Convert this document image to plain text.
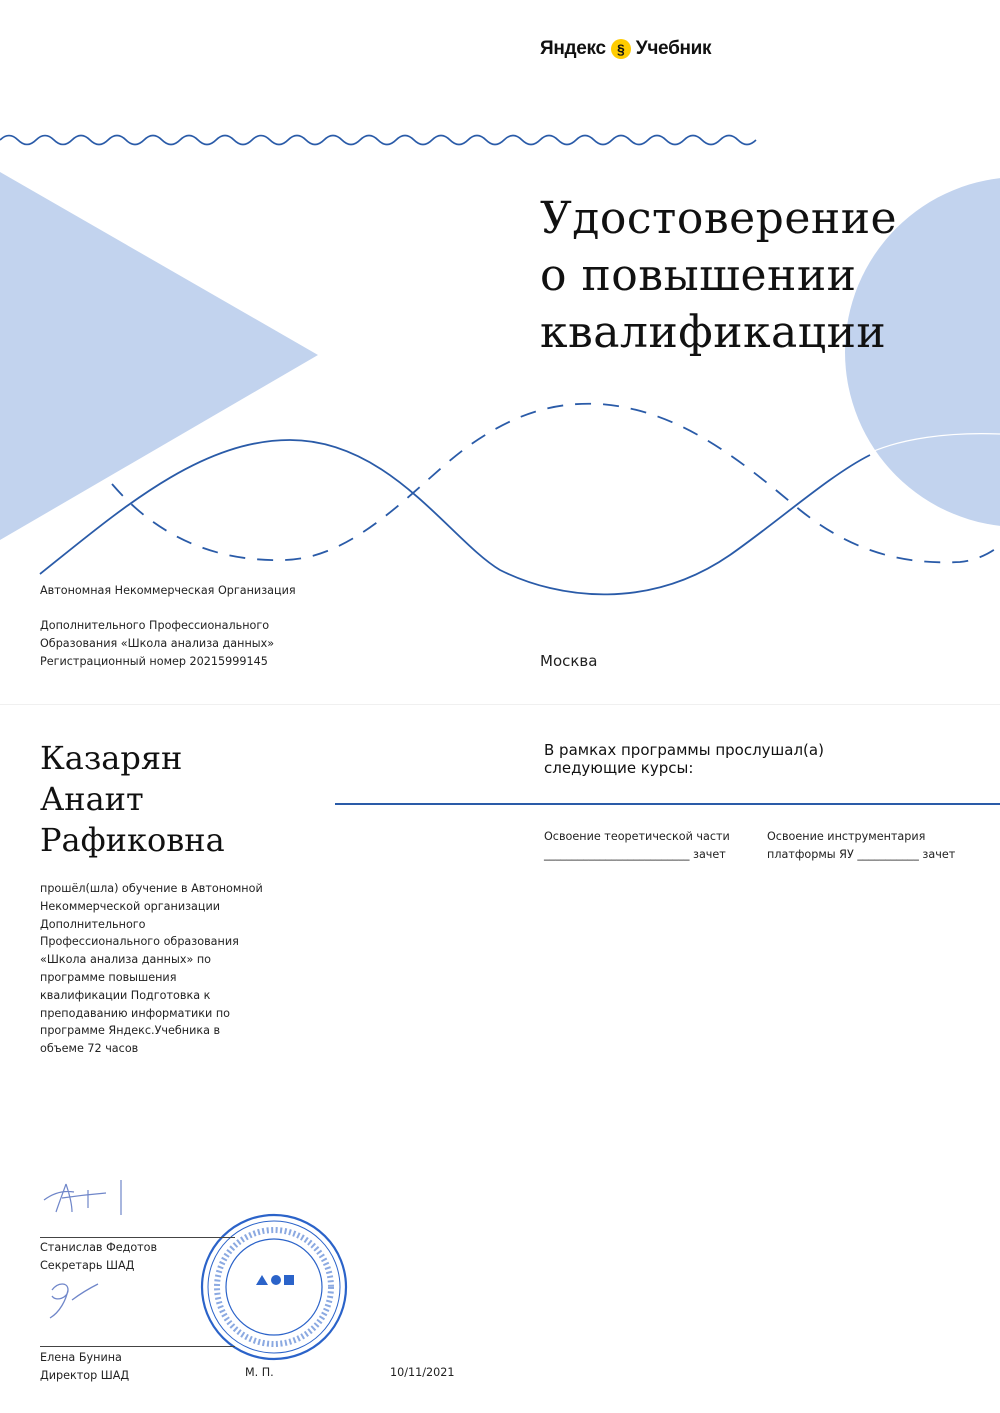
Яндекс § Учебник
Удостоверение
о повышении
квалификации
Автономная Некоммерческая Организация
Дополнительного Профессионального
Образования «Школа анализа данных»
Регистрационный номер 20215999145	Москва
Казарян
Анаит
Рафиковна
прошёл(шла) обучение в Автономной
Некоммерческой организации
Дополнительного
Профессионального образования
«Школа анализа данных» по
программе повышения
квалификации Подготовка к
преподаванию информатики по
программе Яндекс.Учебника в
объеме 72 часов
В рамках программы прослушал(а)
следующие курсы:
Освоение теоретической части
__________________________ зачет
Освоение инструментария
платформы ЯУ ___________ зачет
Станислав Федотов
Секретарь ШАД
Елена Бунина
Директор ШАД	М. П.	10/11/2021
